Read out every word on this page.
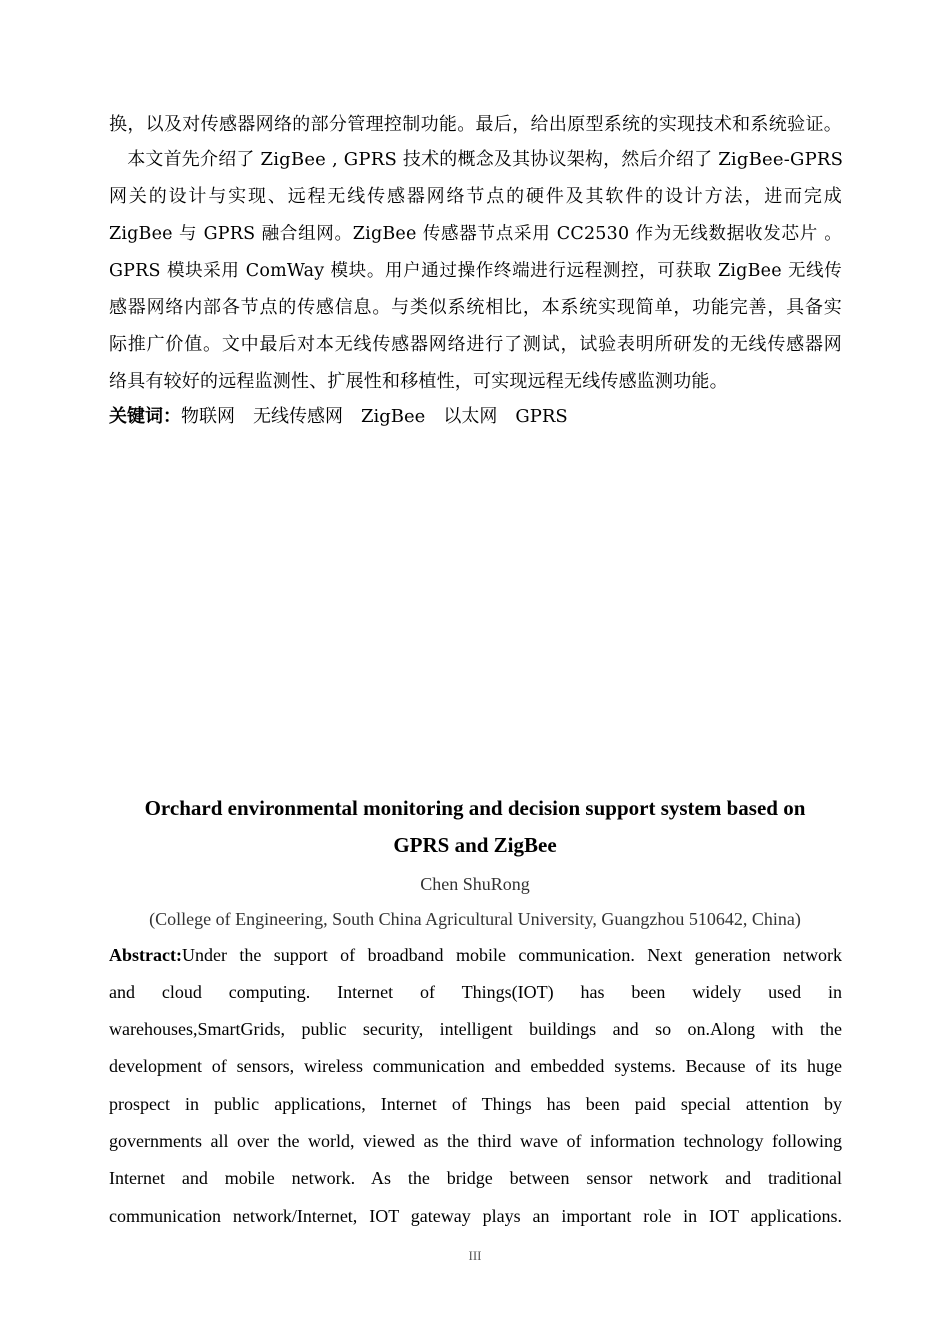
换，以及对传感器网络的部分管理控制功能。最后，给出原型系统的实现技术和系统验证。
　本文首先介绍了 ZigBee , GPRS 技术的概念及其协议架构，然后介绍了 ZigBee-GPRS
网关的设计与实现、远程无线传感器网络节点的硬件及其软件的设计方法，进而完成
ZigBee 与 GPRS 融合组网。ZigBee 传感器节点采用 CC2530 作为无线数据收发芯片 。
GPRS 模块采用 ComWay 模块。用户通过操作终端进行远程测控，可获取 ZigBee 无线传
感器网络内部各节点的传感信息。与类似系统相比，本系统实现简单，功能完善，具备实
际推广价值。文中最后对本无线传感器网络进行了测试，试验表明所研发的无线传感器网
络具有较好的远程监测性、扩展性和移植性，可实现远程无线传感监测功能。
关键词：物联网 无线传感网 ZigBee 以太网 GPRS
Orchard environmental monitoring and decision support system based on
GPRS and ZigBee
Chen ShuRong
(College of Engineering, South China Agricultural University, Guangzhou 510642, China)
Abstract:Under the support of broadband mobile communication. Next generation network
and cloud computing. Internet of Things(IOT) has been widely used in
warehouses,SmartGrids, public security, intelligent buildings and so on.Along with the
development of sensors, wireless communication and embedded systems. Because of its huge
prospect in public applications, Internet of Things has been paid special attention by
governments all over the world, viewed as the third wave of information technology following
Internet and mobile network. As the bridge between sensor network and traditional
communication network/Internet, IOT gateway plays an important role in IOT applications.
III
